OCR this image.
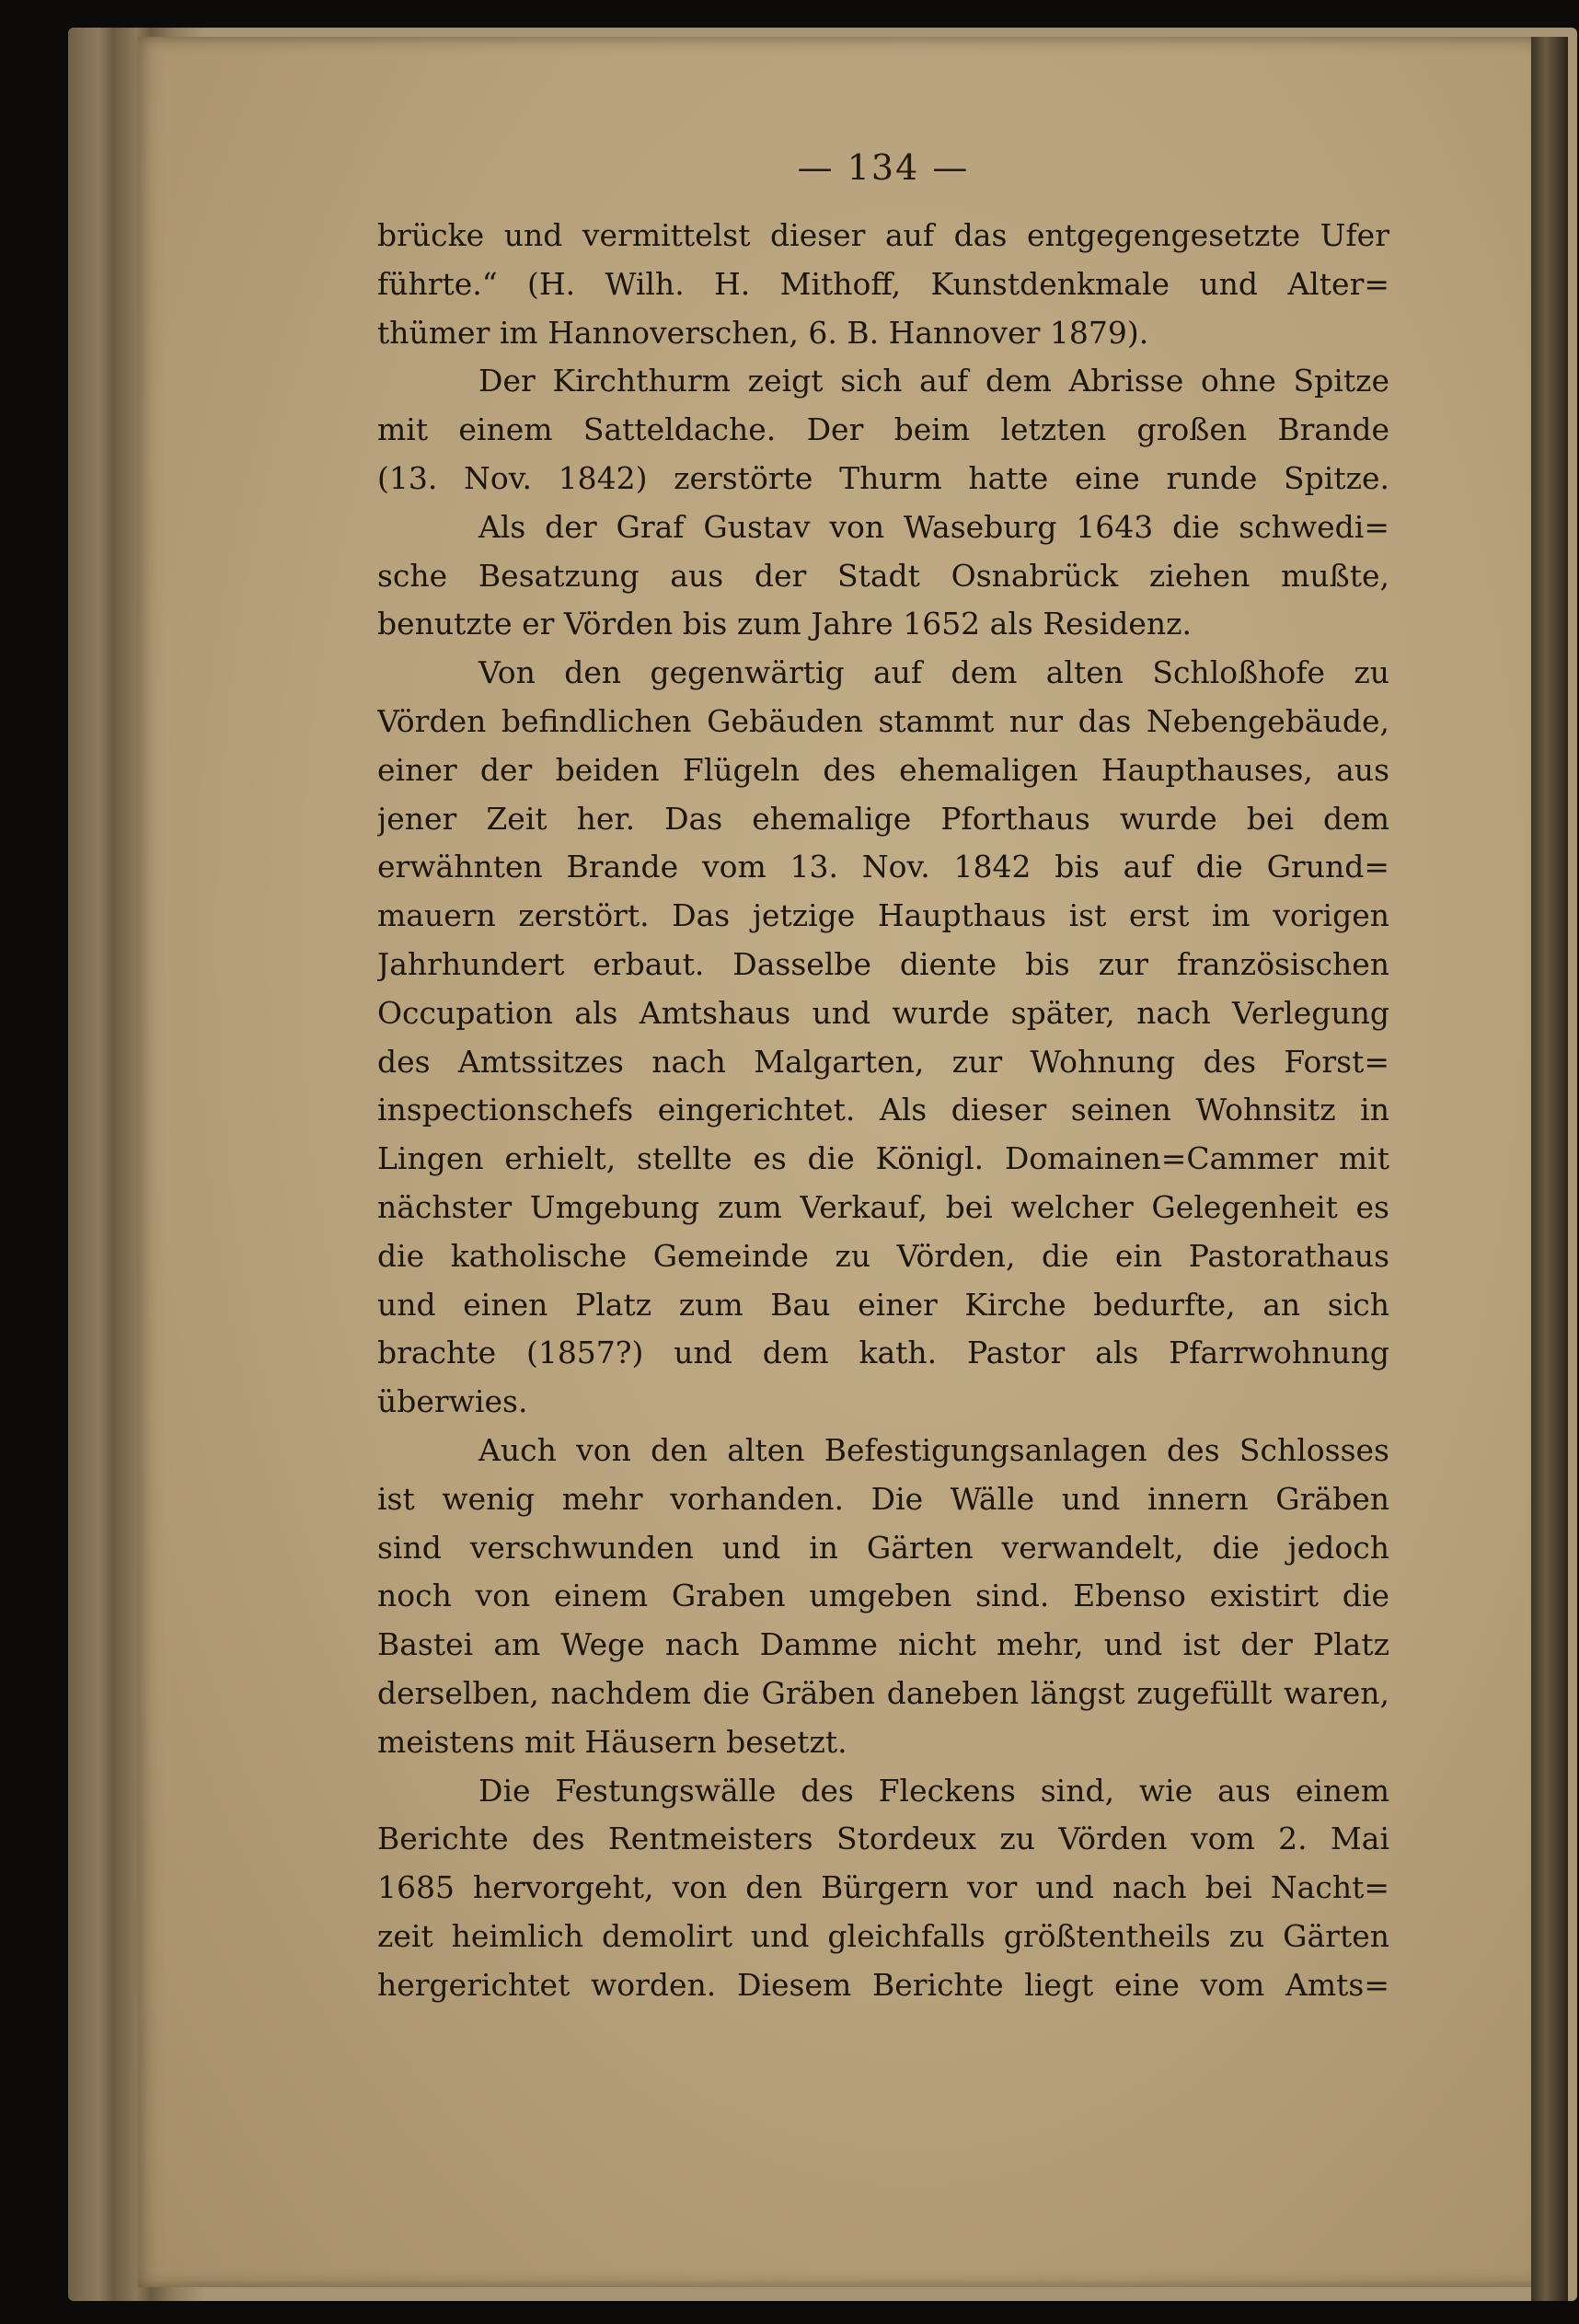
— 134 —
brücke und vermittelst dieser auf das entgegengesetzte Ufer
führte.“ (H. Wilh. H. Mithoff, Kunstdenkmale und Alter=
thümer im Hannoverschen, 6. B. Hannover 1879).
Der Kirchthurm zeigt sich auf dem Abrisse ohne Spitze
mit einem Satteldache. Der beim letzten großen Brande
(13. Nov. 1842) zerstörte Thurm hatte eine runde Spitze.
Als der Graf Gustav von Waseburg 1643 die schwedi=
sche Besatzung aus der Stadt Osnabrück ziehen mußte,
benutzte er Vörden bis zum Jahre 1652 als Residenz.
Von den gegenwärtig auf dem alten Schloßhofe zu
Vörden befindlichen Gebäuden stammt nur das Nebengebäude,
einer der beiden Flügeln des ehemaligen Haupthauses, aus
jener Zeit her. Das ehemalige Pforthaus wurde bei dem
erwähnten Brande vom 13. Nov. 1842 bis auf die Grund=
mauern zerstört. Das jetzige Haupthaus ist erst im vorigen
Jahrhundert erbaut. Dasselbe diente bis zur französischen
Occupation als Amtshaus und wurde später, nach Verlegung
des Amtssitzes nach Malgarten, zur Wohnung des Forst=
inspectionschefs eingerichtet. Als dieser seinen Wohnsitz in
Lingen erhielt, stellte es die Königl. Domainen=Cammer mit
nächster Umgebung zum Verkauf, bei welcher Gelegenheit es
die katholische Gemeinde zu Vörden, die ein Pastorathaus
und einen Platz zum Bau einer Kirche bedurfte, an sich
brachte (1857?) und dem kath. Pastor als Pfarrwohnung
überwies.
Auch von den alten Befestigungsanlagen des Schlosses
ist wenig mehr vorhanden. Die Wälle und innern Gräben
sind verschwunden und in Gärten verwandelt, die jedoch
noch von einem Graben umgeben sind. Ebenso existirt die
Bastei am Wege nach Damme nicht mehr, und ist der Platz
derselben, nachdem die Gräben daneben längst zugefüllt waren,
meistens mit Häusern besetzt.
Die Festungswälle des Fleckens sind, wie aus einem
Berichte des Rentmeisters Stordeux zu Vörden vom 2. Mai
1685 hervorgeht, von den Bürgern vor und nach bei Nacht=
zeit heimlich demolirt und gleichfalls größtentheils zu Gärten
hergerichtet worden. Diesem Berichte liegt eine vom Amts=
